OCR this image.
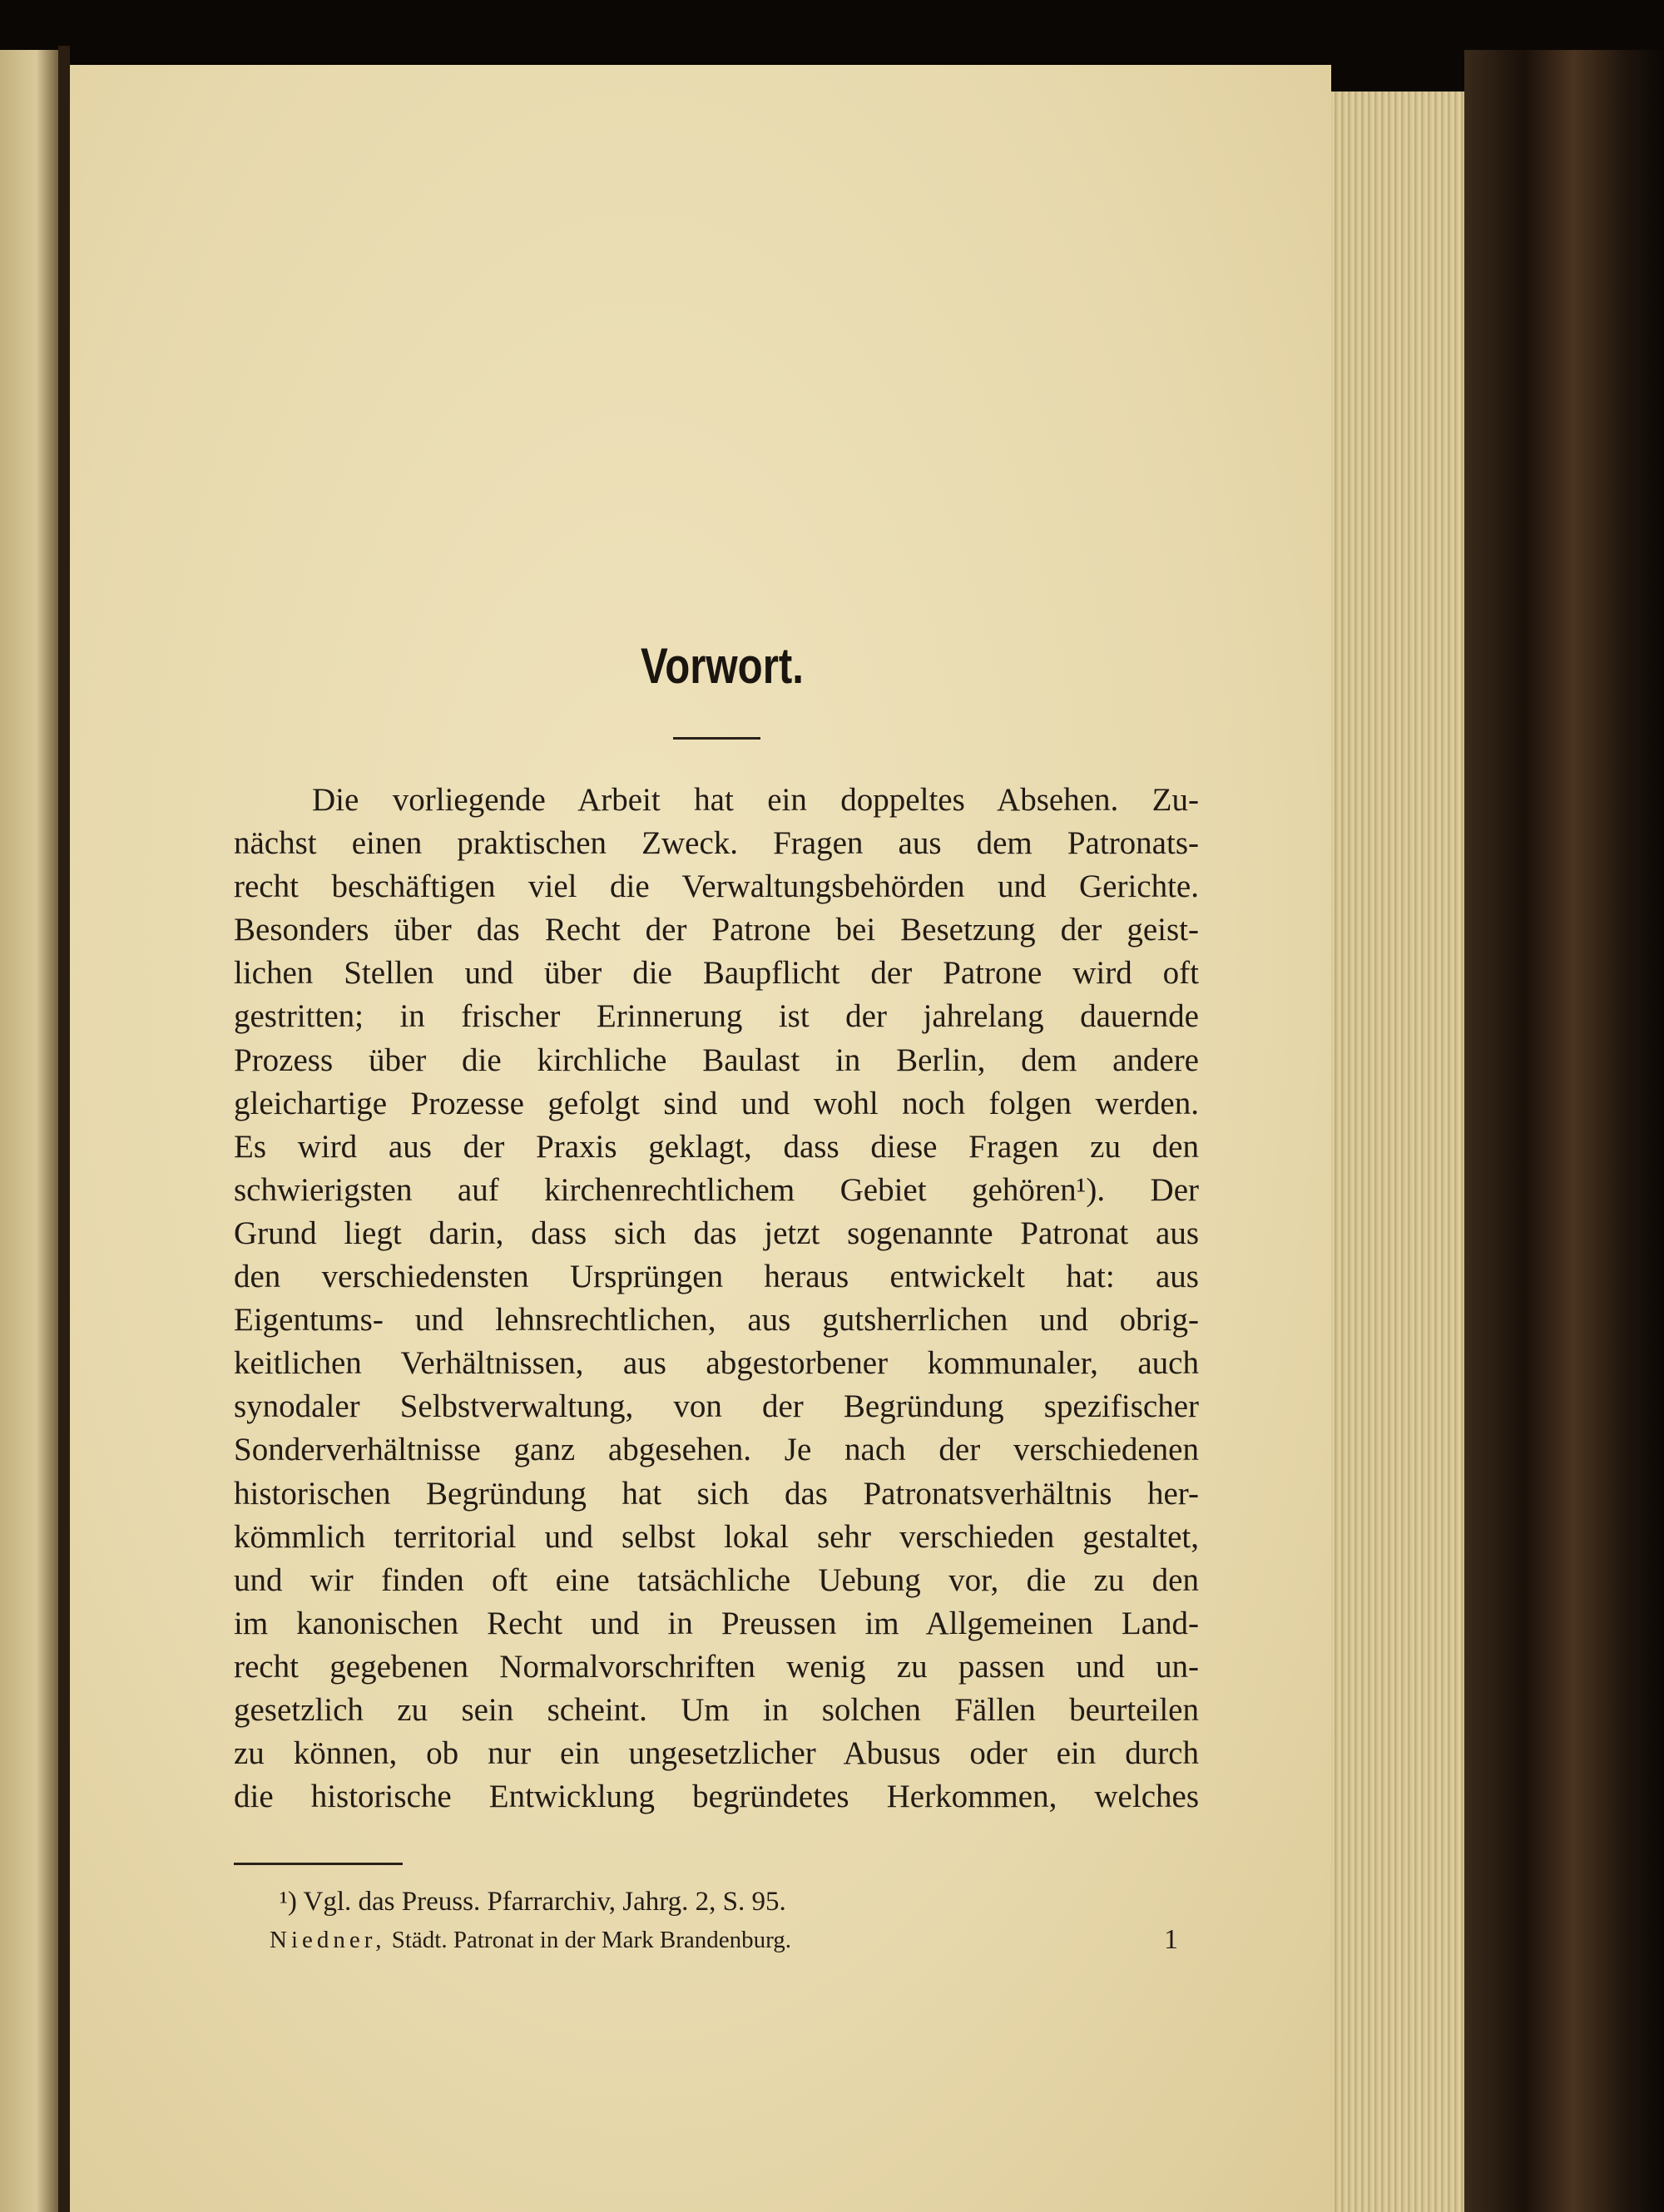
Vorwort.
Die vorliegende Arbeit hat ein doppeltes Absehen. Zu-
nächst einen praktischen Zweck. Fragen aus dem Patronats-
recht beschäftigen viel die Verwaltungsbehörden und Gerichte.
Besonders über das Recht der Patrone bei Besetzung der geist-
lichen Stellen und über die Baupflicht der Patrone wird oft
gestritten; in frischer Erinnerung ist der jahrelang dauernde
Prozess über die kirchliche Baulast in Berlin, dem andere
gleichartige Prozesse gefolgt sind und wohl noch folgen werden.
Es wird aus der Praxis geklagt, dass diese Fragen zu den
schwierigsten auf kirchenrechtlichem Gebiet gehören¹). Der
Grund liegt darin, dass sich das jetzt sogenannte Patronat aus
den verschiedensten Ursprüngen heraus entwickelt hat: aus
Eigentums- und lehnsrechtlichen, aus gutsherrlichen und obrig-
keitlichen Verhältnissen, aus abgestorbener kommunaler, auch
synodaler Selbstverwaltung, von der Begründung spezifischer
Sonderverhältnisse ganz abgesehen. Je nach der verschiedenen
historischen Begründung hat sich das Patronatsverhältnis her-
kömmlich territorial und selbst lokal sehr verschieden gestaltet,
und wir finden oft eine tatsächliche Uebung vor, die zu den
im kanonischen Recht und in Preussen im Allgemeinen Land-
recht gegebenen Normalvorschriften wenig zu passen und un-
gesetzlich zu sein scheint. Um in solchen Fällen beurteilen
zu können, ob nur ein ungesetzlicher Abusus oder ein durch
die historische Entwicklung begründetes Herkommen, welches
¹) Vgl. das Preuss. Pfarrarchiv, Jahrg. 2, S. 95.
Niedner, Städt. Patronat in der Mark Brandenburg.	1
